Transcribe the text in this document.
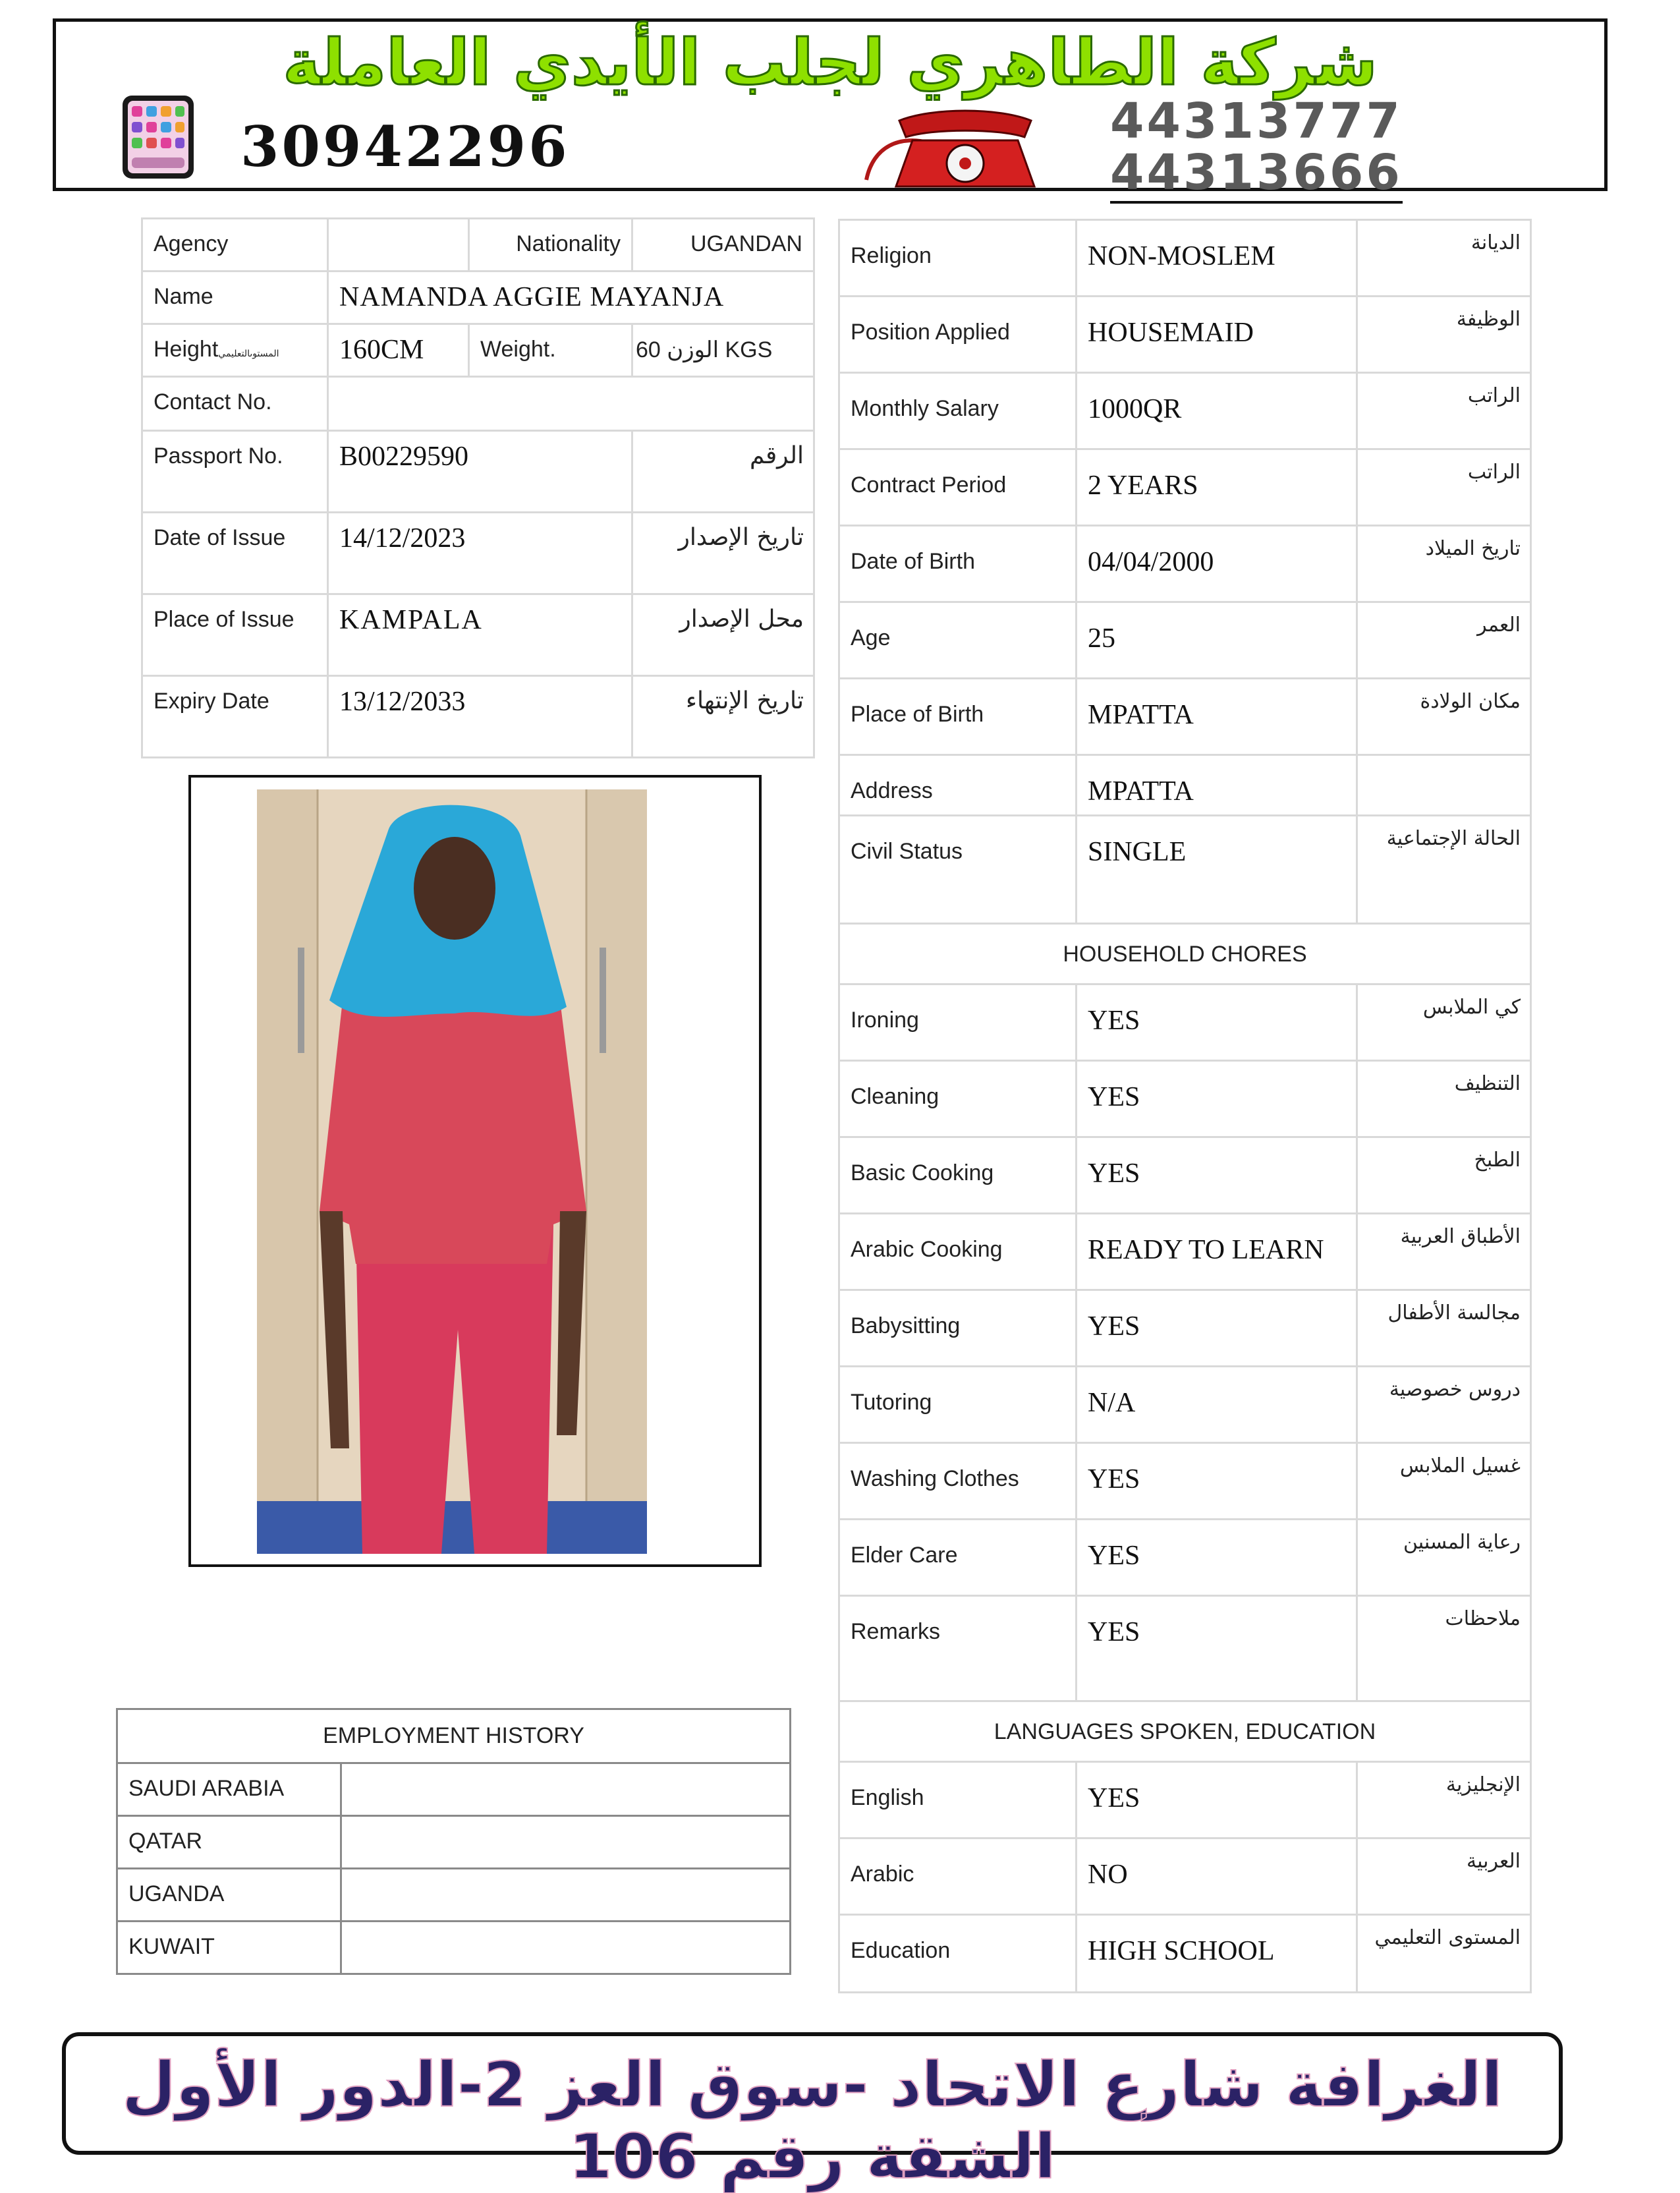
شركة الطاهري لجلب الأيدي العاملة
30942296	44313777
44313666
Agency		Nationality	UGANDAN
Name	NAMANDA AGGIE MAYANJA		
Heightالمستوىالتعليمي	160CM	Weight.	60 الوزن KGS
Contact No.			
Passport No.	B00229590		الرقم
Date of Issue	14/12/2023		تاريخ الإصدار
Place of Issue	KAMPALA		محل الإصدار
Expiry Date	13/12/2033		تاريخ الإنتهاء
Religion	NON-MOSLEM	الديانة
Position Applied	HOUSEMAID	الوظيفة
Monthly Salary	1000QR	الراتب
Contract Period	2 YEARS	الراتب
Date of Birth	04/04/2000	تاريخ الميلاد
Age	25	العمر
Place of Birth	MPATTA	مكان الولادة
Address	MPATTA	
Civil Status	SINGLE	الحالة الإجتماعية
HOUSEHOLD CHORES		
Ironing	YES	كي الملابس
Cleaning	YES	التنظيف
Basic Cooking	YES	الطبخ
Arabic Cooking	READY TO LEARN	الأطباق العربية
Babysitting	YES	مجالسة الأطفال
Tutoring	N/A	دروس خصوصية
Washing Clothes	YES	غسيل الملابس
Elder Care	YES	رعاية المسنين
Remarks	YES	ملاحظات
LANGUAGES SPOKEN, EDUCATION		
English	YES	الإنجليزية
Arabic	NO	العربية
Education	HIGH SCHOOL	المستوى التعليمي
EMPLOYMENT HISTORY	
SAUDI ARABIA	
QATAR	
UGANDA	
KUWAIT	
الغرافة شارع الاتحاد -سوق العز 2-الدور الأول الشقة رقم 106
